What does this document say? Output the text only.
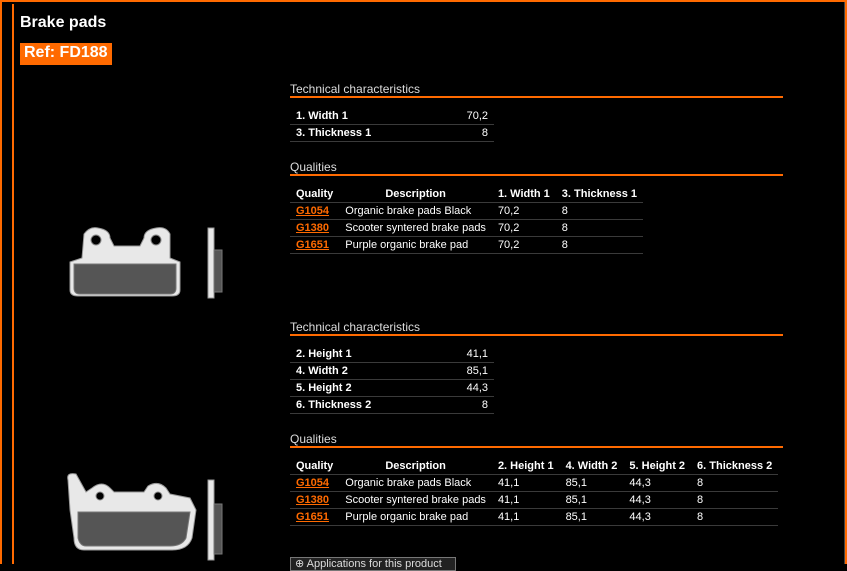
Brake pads
Ref: FD188
Technical characteristics
1. Width 1	70,2
3. Thickness 1	8
Qualities
Quality	Description	1. Width 1	3. Thickness 1
G1054	Organic brake pads Black	70,2	8
G1380	Scooter syntered brake pads	70,2	8
G1651	Purple organic brake pad	70,2	8
Technical characteristics
2. Height 1	41,1
4. Width 2	85,1
5. Height 2	44,3
6. Thickness 2	8
Qualities
Quality	Description	2. Height 1	4. Width 2	5. Height 2	6. Thickness 2
G1054	Organic brake pads Black	41,1	85,1	44,3	8
G1380	Scooter syntered brake pads	41,1	85,1	44,3	8
G1651	Purple organic brake pad	41,1	85,1	44,3	8
⊕ Applications for this product
